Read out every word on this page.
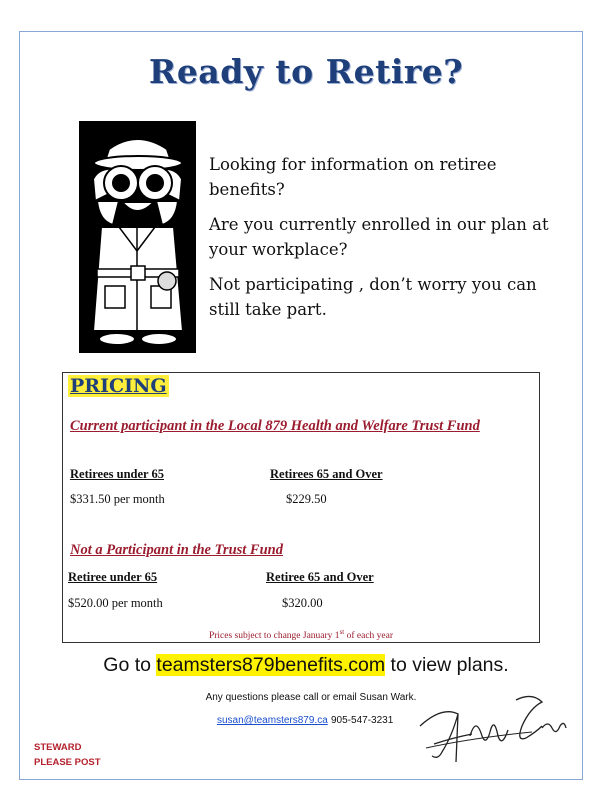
Ready to Retire?

Looking for information on retiree benefits?

Are you currently enrolled in our plan at your workplace?

Not participating , don’t worry you can still take part.

PRICING
Current participant in the Local 879 Health and Welfare Trust Fund
Retirees under 65	Retirees 65 and Over
$331.50 per month	$229.50
Not a Participant in the Trust Fund
Retiree under 65	Retiree 65 and Over
$520.00 per month	$320.00
Prices subject to change January 1st of each year
Go to teamsters879benefits.com to view plans.
Any questions please call or email Susan Wark.
susan@teamsters879.ca 905-547-3231
STEWARD
PLEASE POST
